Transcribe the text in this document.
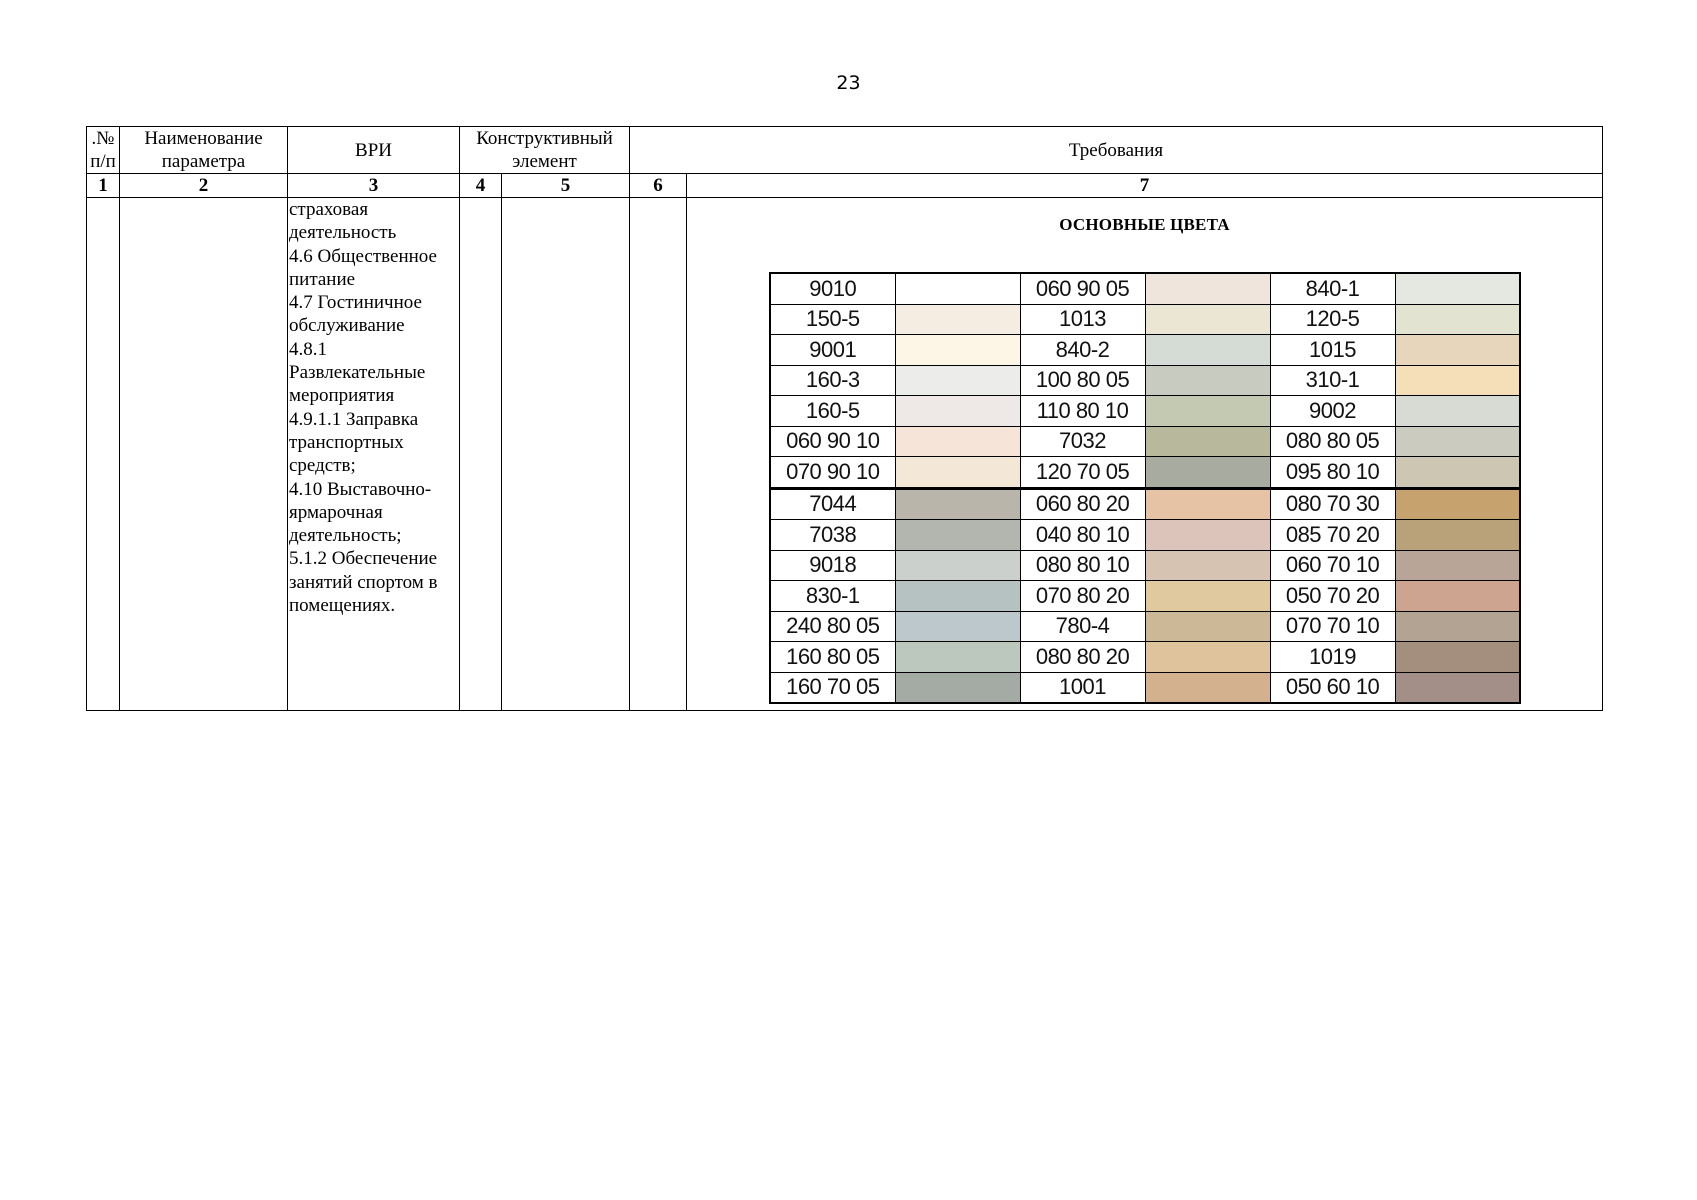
23
.№ п/п	Наименование параметра	ВРИ	Конструктивный элемент	Требования
1	2	3	4	5	6	7

страховая
деятельность
4.6 Общественное
питание
4.7 Гостиничное
обслуживание
4.8.1
Развлекательные
мероприятия
4.9.1.1 Заправка
транспортных
средств;
4.10 Выставочно-
ярмарочная
деятельность;
5.1.2 Обеспечение
занятий спортом в
помещениях.

ОСНОВНЫЕ ЦВЕТА
9010		060 90 05		840-1	
150-5		1013		120-5	
9001		840-2		1015	
160-3		100 80 05		310-1	
160-5		110 80 10		9002	
060 90 10		7032		080 80 05	
070 90 10		120 70 05		095 80 10	
7044		060 80 20		080 70 30	
7038		040 80 10		085 70 20	
9018		080 80 10		060 70 10	
830-1		070 80 20		050 70 20	
240 80 05		780-4		070 70 10	
160 80 05		080 80 20		1019	
160 70 05		1001		050 60 10	
